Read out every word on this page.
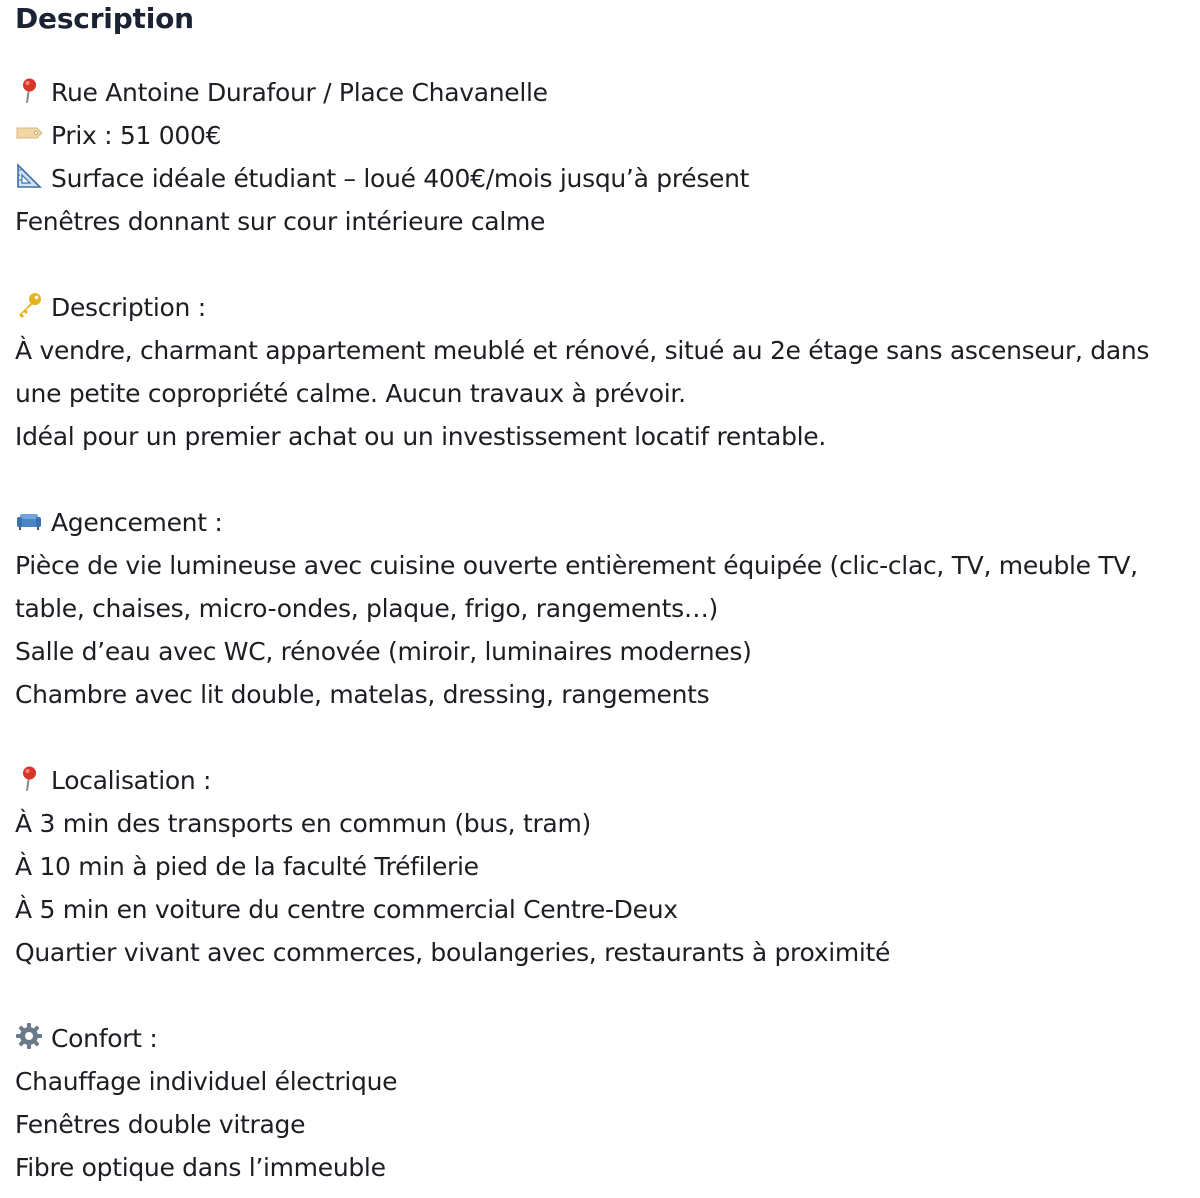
Description
Rue Antoine Durafour / Place Chavanelle
Prix : 51 000€
Surface idéale étudiant – loué 400€/mois jusqu’à présent
Fenêtres donnant sur cour intérieure calme
Description :
À vendre, charmant appartement meublé et rénové, situé au 2e étage sans ascenseur, dans
une petite copropriété calme. Aucun travaux à prévoir.
Idéal pour un premier achat ou un investissement locatif rentable.
Agencement :
Pièce de vie lumineuse avec cuisine ouverte entièrement équipée (clic-clac, TV, meuble TV,
table, chaises, micro-ondes, plaque, frigo, rangements…)
Salle d’eau avec WC, rénovée (miroir, luminaires modernes)
Chambre avec lit double, matelas, dressing, rangements
Localisation :
À 3 min des transports en commun (bus, tram)
À 10 min à pied de la faculté Tréfilerie
À 5 min en voiture du centre commercial Centre-Deux
Quartier vivant avec commerces, boulangeries, restaurants à proximité
Confort :
Chauffage individuel électrique
Fenêtres double vitrage
Fibre optique dans l’immeuble
